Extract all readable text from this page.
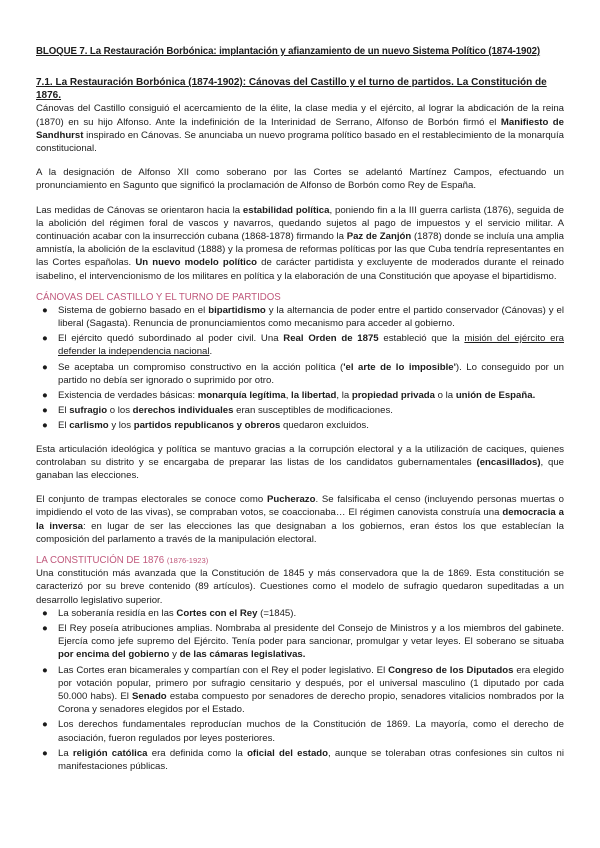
BLOQUE 7. La Restauración Borbónica: implantación y afianzamiento de un nuevo Sistema Político (1874-1902)

7.1. La Restauración Borbónica (1874-1902): Cánovas del Castillo y el turno de partidos. La Constitución de 1876.

Cánovas del Castillo consiguió el acercamiento de la élite, la clase media y el ejército, al lograr la abdicación de la reina (1870) en su hijo Alfonso. Ante la indefinición de la Interinidad de Serrano, Alfonso de Borbón firmó el Manifiesto de Sandhurst inspirado en Cánovas. Se anunciaba un nuevo programa político basado en el restablecimiento de la monarquía constitucional.

A la designación de Alfonso XII como soberano por las Cortes se adelantó Martínez Campos, efectuando un pronunciamiento en Sagunto que significó la proclamación de Alfonso de Borbón como Rey de España.

Las medidas de Cánovas se orientaron hacia la estabilidad política, poniendo fin a la III guerra carlista (1876), seguida de la abolición del régimen foral de vascos y navarros, quedando sujetos al pago de impuestos y el servicio militar. A continuación acabar con la insurrección cubana (1868-1878) firmando la Paz de Zanjón (1878) donde se incluía una amplia amnistía, la abolición de la esclavitud (1888) y la promesa de reformas políticas por las que Cuba tendría representantes en las Cortes españolas. Un nuevo modelo político de carácter partidista y excluyente de moderados durante el reinado isabelino, el intervencionismo de los militares en política y la elaboración de una Constitución que apoyase el bipartidismo.

CÁNOVAS DEL CASTILLO Y EL TURNO DE PARTIDOS

● Sistema de gobierno basado en el bipartidismo y la alternancia de poder entre el partido conservador (Cánovas) y el liberal (Sagasta). Renuncia de pronunciamientos como mecanismo para acceder al gobierno.
● El ejército quedó subordinado al poder civil. Una Real Orden de 1875 estableció que la misión del ejército era defender la independencia nacional.
● Se aceptaba un compromiso constructivo en la acción política ('el arte de lo imposible'). Lo conseguido por un partido no debía ser ignorado o suprimido por otro.
● Existencia de verdades básicas: monarquía legítima, la libertad, la propiedad privada o la unión de España.
● El sufragio o los derechos individuales eran susceptibles de modificaciones.
● El carlismo y los partidos republicanos y obreros quedaron excluidos.

Esta articulación ideológica y política se mantuvo gracias a la corrupción electoral y a la utilización de caciques, quienes controlaban su distrito y se encargaba de preparar las listas de los candidatos gubernamentales (encasillados), que ganaban las elecciones.

El conjunto de trampas electorales se conoce como Pucherazo. Se falsificaba el censo (incluyendo personas muertas o impidiendo el voto de las vivas), se compraban votos, se coaccionaba… El régimen canovista construía una democracia a la inversa: en lugar de ser las elecciones las que designaban a los gobiernos, eran éstos los que establecían la composición del parlamento a través de la manipulación electoral.

LA CONSTITUCIÓN DE 1876 (1876-1923)

Una constitución más avanzada que la Constitución de 1845 y más conservadora que la de 1869. Esta constitución se caracterizó por su breve contenido (89 artículos). Cuestiones como el modelo de sufragio quedaron supeditadas a un desarrollo legislativo superior.

● La soberanía residía en las Cortes con el Rey (=1845).
● El Rey poseía atribuciones amplias. Nombraba al presidente del Consejo de Ministros y a los miembros del gabinete. Ejercía como jefe supremo del Ejército. Tenía poder para sancionar, promulgar y vetar leyes. El soberano se situaba por encima del gobierno y de las cámaras legislativas.
● Las Cortes eran bicamerales y compartían con el Rey el poder legislativo. El Congreso de los Diputados era elegido por votación popular, primero por sufragio censitario y después, por el universal masculino (1 diputado por cada 50.000 habs). El Senado estaba compuesto por senadores de derecho propio, senadores vitalicios nombrados por la Corona y senadores elegidos por el Estado.
● Los derechos fundamentales reproducían muchos de la Constitución de 1869. La mayoría, como el derecho de asociación, fueron regulados por leyes posteriores.
● La religión católica era definida como la oficial del estado, aunque se toleraban otras confesiones sin cultos ni manifestaciones públicas.
